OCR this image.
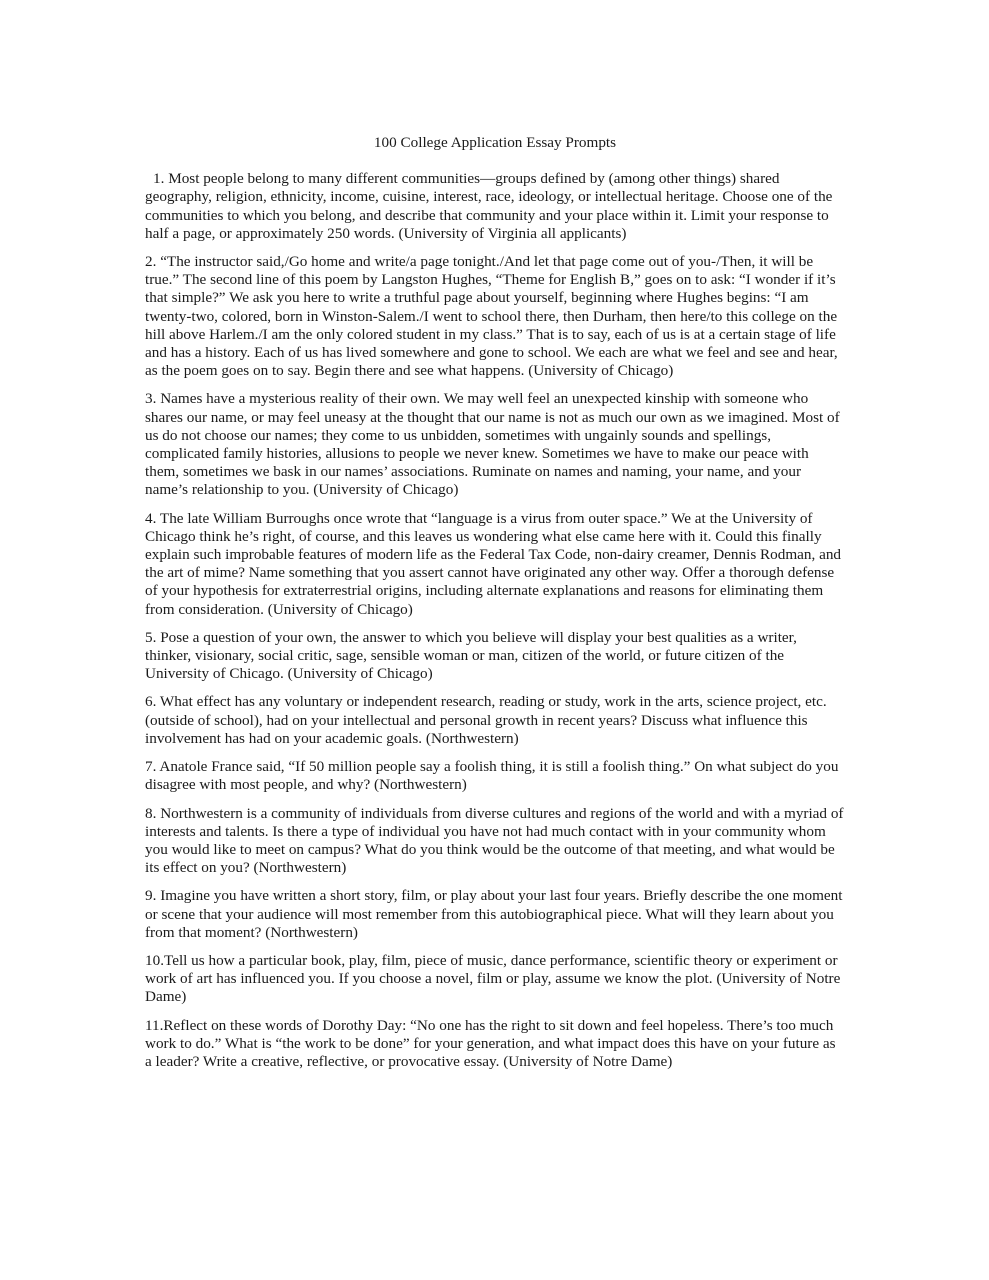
100 College Application Essay Prompts

1. Most people belong to many different communities—groups defined by (among other things) shared geography, religion, ethnicity, income, cuisine, interest, race, ideology, or intellectual heritage. Choose one of the communities to which you belong, and describe that community and your place within it. Limit your response to half a page, or approximately 250 words. (University of Virginia all applicants)

2. “The instructor said,/Go home and write/a page tonight./And let that page come out of you-/Then, it will be true.” The second line of this poem by Langston Hughes, “Theme for English B,” goes on to ask: “I wonder if it’s that simple?” We ask you here to write a truthful page about yourself, beginning where Hughes begins: “I am twenty-two, colored, born in Winston-Salem./I went to school there, then Durham, then here/to this college on the hill above Harlem./I am the only colored student in my class.” That is to say, each of us is at a certain stage of life and has a history. Each of us has lived somewhere and gone to school. We each are what we feel and see and hear, as the poem goes on to say. Begin there and see what happens. (University of Chicago)

3. Names have a mysterious reality of their own. We may well feel an unexpected kinship with someone who shares our name, or may feel uneasy at the thought that our name is not as much our own as we imagined. Most of us do not choose our names; they come to us unbidden, sometimes with ungainly sounds and spellings, complicated family histories, allusions to people we never knew. Sometimes we have to make our peace with them, sometimes we bask in our names’ associations. Ruminate on names and naming, your name, and your name’s relationship to you. (University of Chicago)

4. The late William Burroughs once wrote that “language is a virus from outer space.” We at the University of Chicago think he’s right, of course, and this leaves us wondering what else came here with it. Could this finally explain such improbable features of modern life as the Federal Tax Code, non-dairy creamer, Dennis Rodman, and the art of mime? Name something that you assert cannot have originated any other way. Offer a thorough defense of your hypothesis for extraterrestrial origins, including alternate explanations and reasons for eliminating them from consideration. (University of Chicago)

5. Pose a question of your own, the answer to which you believe will display your best qualities as a writer, thinker, visionary, social critic, sage, sensible woman or man, citizen of the world, or future citizen of the University of Chicago. (University of Chicago)

6. What effect has any voluntary or independent research, reading or study, work in the arts, science project, etc. (outside of school), had on your intellectual and personal growth in recent years? Discuss what influence this involvement has had on your academic goals. (Northwestern)

7. Anatole France said, “If 50 million people say a foolish thing, it is still a foolish thing.” On what subject do you disagree with most people, and why? (Northwestern)

8. Northwestern is a community of individuals from diverse cultures and regions of the world and with a myriad of interests and talents. Is there a type of individual you have not had much contact with in your community whom you would like to meet on campus? What do you think would be the outcome of that meeting, and what would be its effect on you? (Northwestern)

9. Imagine you have written a short story, film, or play about your last four years. Briefly describe the one moment or scene that your audience will most remember from this autobiographical piece. What will they learn about you from that moment? (Northwestern)

10.Tell us how a particular book, play, film, piece of music, dance performance, scientific theory or experiment or work of art has influenced you. If you choose a novel, film or play, assume we know the plot. (University of Notre Dame)

11.Reflect on these words of Dorothy Day: “No one has the right to sit down and feel hopeless. There’s too much work to do.” What is “the work to be done” for your generation, and what impact does this have on your future as a leader? Write a creative, reflective, or provocative essay. (University of Notre Dame)
